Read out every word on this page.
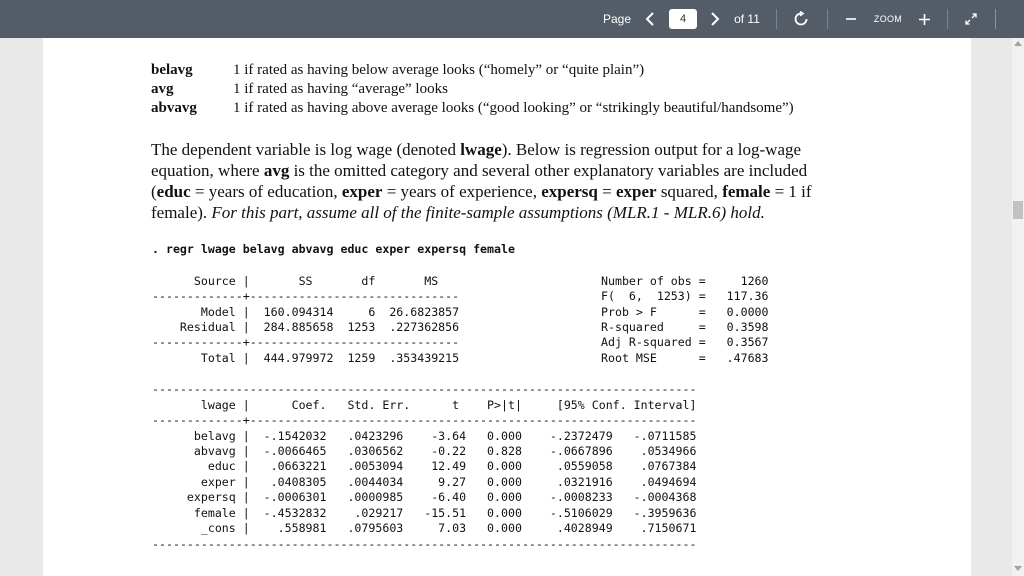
Page	4	of 11	ZOOM
belavg	1 if rated as having below average looks (“homely” or “quite plain”)
avg	1 if rated as having “average” looks
abvavg 1 if rated as having above average looks (“good looking” or “strikingly beautiful/handsome”)
The dependent variable is log wage (denoted lwage). Below is regression output for a log-wage
equation, where avg is the omitted category and several other explanatory variables are included
(educ = years of education, exper = years of experience, expersq = exper squared, female = 1 if
female). For this part, assume all of the finite-sample assumptions (MLR.1 - MLR.6) hold.
. regr lwage belavg abvavg educ exper expersq female
Source |       SS       df       MS
-------------+------------------------------
Model |  160.094314     6  26.6823857
Residual |  284.885658  1253  .227362856
-------------+------------------------------
Total |  444.979972  1259  .353439215
Number of obs =     1260
F(  6,  1253) =   117.36
Prob > F      =   0.0000
R-squared     =   0.3598
Adj R-squared =   0.3567
Root MSE      =   .47683
------------------------------------------------------------------------------
lwage |      Coef.   Std. Err.      t    P>|t|     [95% Conf. Interval]
-------------+----------------------------------------------------------------
belavg |  -.1542032   .0423296    -3.64   0.000    -.2372479   -.0711585
abvavg |  -.0066465   .0306562    -0.22   0.828    -.0667896    .0534966
educ |   .0663221   .0053094    12.49   0.000     .0559058    .0767384
exper |   .0408305   .0044034     9.27   0.000     .0321916    .0494694
expersq |  -.0006301   .0000985    -6.40   0.000    -.0008233   -.0004368
female |  -.4532832    .029217   -15.51   0.000    -.5106029   -.3959636
_cons |    .558981   .0795603     7.03   0.000     .4028949    .7150671
------------------------------------------------------------------------------
